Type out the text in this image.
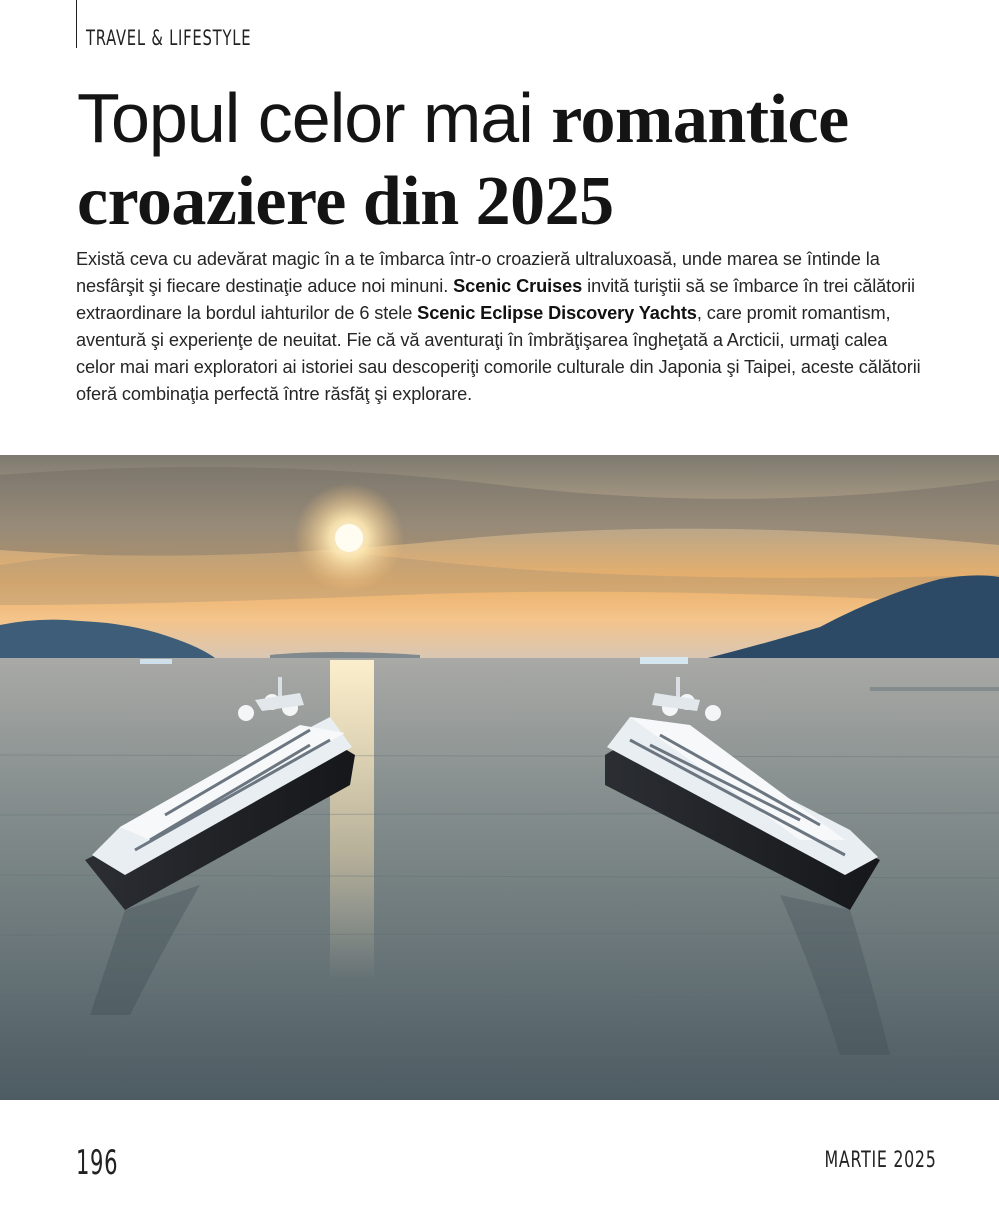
TRAVEL & LIFESTYLE
Topul celor mai romantice
croaziere din 2025

Există ceva cu adevărat magic în a te îmbarca într-o croazieră ultraluxoasă, unde marea se întinde la nesfârşit şi fiecare destinaţie aduce noi minuni. Scenic Cruises invită turiştii să se îmbarce în trei călătorii extraordinare la bordul iahturilor de 6 stele Scenic Eclipse Discovery Yachts, care promit romantism, aventură şi experienţe de neuitat. Fie că vă aventuraţi în îmbrăţişarea îngheţată a Arcticii, urmaţi calea celor mai mari exploratori ai istoriei sau descoperiţi comorile culturale din Japonia şi Taipei, aceste călătorii oferă combinaţia perfectă între răsfăţ şi explorare.

196	MARTIE 2025
